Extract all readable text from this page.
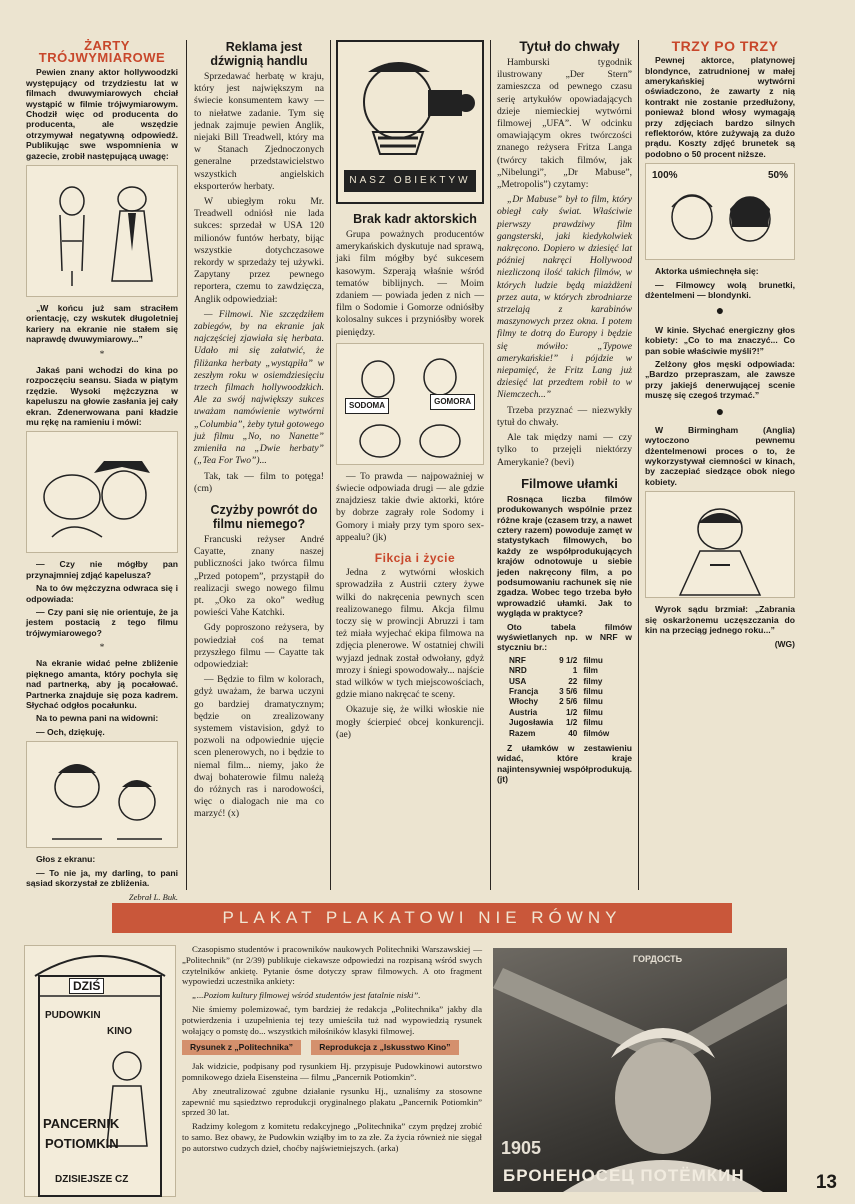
ŻARTY TRÓJWYMIAROWE

Pewien znany aktor hollywoodzki występujący od trzydziestu lat w filmach dwuwymiarowych chciał wystąpić w filmie trójwymiarowym. Chodził więc od producenta do producenta, ale wszędzie otrzymywał negatywną odpowiedź. Publikując swe wspomnienia w gazecie, zrobił następującą uwagę:

„W końcu już sam straciłem orientację, czy wskutek długoletniej kariery na ekranie nie stałem się naprawdę dwuwymiarowy...”

*

Jakaś pani wchodzi do kina po rozpoczęciu seansu. Siada w piątym rzędzie. Wysoki mężczyzna w kapeluszu na głowie zasłania jej cały ekran. Zdenerwowana pani kładzie mu rękę na ramieniu i mówi:

— Czy nie mógłby pan przynajmniej zdjąć kapelusza?

Na to ów mężczyzna odwraca się i odpowiada:

— Czy pani się nie orientuje, że ja jestem postacią z tego filmu trójwymiarowego?

*

Na ekranie widać pełne zbliżenie pięknego amanta, który pochyla się nad partnerką, aby ją pocałować. Partnerka znajduje się poza kadrem. Słychać odgłos pocałunku.

Na to pewna pani na widowni:

— Och, dziękuję.

Głos z ekranu:

— To nie ja, my darling, to pani sąsiad skorzystał ze zbliżenia.

Zebrał L. Buk.

Reklama jest dźwignią handlu

Sprzedawać herbatę w kraju, który jest największym na świecie konsumentem kawy — to niełatwe zadanie. Tym się jednak zajmuje pewien Anglik, niejaki Bill Treadwell, który ma w Stanach Zjednoczonych generalne przedstawicielstwo wszystkich angielskich eksporterów herbaty.

W ubiegłym roku Mr. Treadwell odniósł nie lada sukces: sprzedał w USA 120 milionów funtów herbaty, bijąc wszystkie dotychczasowe rekordy w sprzedaży tej używki. Zapytany przez pewnego reportera, czemu to zawdzięcza, Anglik odpowiedział:

— Filmowi. Nie szczędziłem zabiegów, by na ekranie jak najczęściej zjawiała się herbata. Udało mi się załatwić, że filiżanka herbaty „wystąpiła” w zeszłym roku w osiemdziesięciu trzech filmach hollywoodzkich. Ale za swój największy sukces uważam namówienie wytwórni „Columbia”, żeby tytuł gotowego już filmu „No, no Nanette” zmieniła na „Dwie herbaty” („Tea For Two”)...

Tak, tak — film to potęga! (cm)

Czyżby powrót do filmu niemego?

Francuski reżyser André Cayatte, znany naszej publiczności jako twórca filmu „Przed potopem”, przystąpił do realizacji swego nowego filmu pt. „Oko za oko” według powieści Vahe Katchki.

Gdy poproszono reżysera, by powiedział coś na temat przyszłego filmu — Cayatte tak odpowiedział:

— Będzie to film w kolorach, gdyż uważam, że barwa uczyni go bardziej dramatycznym; będzie on zrealizowany systemem vistavision, gdyż to pozwoli na odpowiednie ujęcie scen plenerowych, no i będzie to niemal film... niemy, jako że dwaj bohaterowie filmu należą do różnych ras i narodowości, więc o dialogach nie ma co marzyć! (x)

NASZ OBIEKTYW

Brak kadr aktorskich

Grupa poważnych producentów amerykańskich dyskutuje nad sprawą, jaki film mógłby być sukcesem kasowym. Szperają właśnie wśród tematów biblijnych. — Moim zdaniem — powiada jeden z nich — film o Sodomie i Gomorze odniósłby kolosalny sukces i przyniósłby worek pieniędzy.

SODOMA	GOMORA

— To prawda — najpoważniej w świecie odpowiada drugi — ale gdzie znajdziesz takie dwie aktorki, które by dobrze zagrały role Sodomy i Gomory i miały przy tym sporo sex-appealu? (jk)

Fikcja i życie

Jedna z wytwórni włoskich sprowadziła z Austrii cztery żywe wilki do nakręcenia pewnych scen realizowanego filmu. Akcja filmu toczy się w prowincji Abruzzi i tam też miała wyjechać ekipa filmowa na zdjęcia plenerowe. W ostatniej chwili wyjazd jednak został odwołany, gdyż mrozy i śniegi spowodowały... najście stad wilków w tych miejscowościach, gdzie miano nakręcać te sceny.

Okazuje się, że wilki włoskie nie mogły ścierpieć obcej konkurencji. (ae)

Tytuł do chwały

Hamburski tygodnik ilustrowany „Der Stern” zamieszcza od pewnego czasu serię artykułów opowiadających dzieje niemieckiej wytwórni filmowej „UFA”. W odcinku omawiającym okres twórczości znanego reżysera Fritza Langa (twórcy takich filmów, jak „Nibelungi”, „Dr Mabuse”, „Metropolis”) czytamy:

„Dr Mabuse” był to film, który obiegł cały świat. Właściwie pierwszy prawdziwy film gangsterski, jaki kiedykolwiek nakręcono. Dopiero w dziesięć lat później nakręci Hollywood niezliczoną ilość takich filmów, w których ludzie będą miażdżeni przez auta, w których zbrodniarze strzelają z karabinów maszynowych przez okna. I potem filmy te dotrą do Europy i będzie się mówiło: „Typowe amerykańskie!” i pójdzie w niepamięć, że Fritz Lang już dziesięć lat przedtem robił to w Niemczech...”

Trzeba przyznać — niezwykły tytuł do chwały.

Ale tak między nami — czy tylko to przejęli niektórzy Amerykanie? (bevi)

Filmowe ułamki

Rosnąca liczba filmów produkowanych wspólnie przez różne kraje (czasem trzy, a nawet cztery razem) powoduje zamęt w statystykach filmowych, bo każdy ze współprodukujących krajów odnotowuje u siebie jeden nakręcony film, a po podsumowaniu rachunek się nie zgadza. Wobec tego trzeba było wprowadzić ułamki. Jak to wygląda w praktyce?

Oto tabela filmów wyświetlanych np. w NRF w styczniu br.:

NRF	9 1/2	filmu
NRD	1	film
USA	22	filmy
Francja	3 5/6	filmu
Włochy	2 5/6	filmu
Austria	1/2	filmu
Jugosławia	1/2	filmu
Razem	40	filmów

Z ułamków w zestawieniu widać, które kraje najintensywniej współprodukują. (jt)

TRZY PO TRZY

Pewnej aktorce, platynowej blondynce, zatrudnionej w małej amerykańskiej wytwórni oświadczono, że zawarty z nią kontrakt nie zostanie przedłużony, ponieważ blond włosy wymagają przy zdjęciach bardzo silnych reflektorów, które zużywają za dużo prądu. Koszty zdjęć brunetek są podobno o 50 procent niższe.

100%	50%

Aktorka uśmiechnęła się:

— Filmowcy wolą brunetki, dżentelmeni — blondynki.

●

W kinie. Słychać energiczny głos kobiety: „Co to ma znaczyć... Co pan sobie właściwie myśli?!”

Zelżony głos męski odpowiada: „Bardzo przepraszam, ale zawsze przy jakiejś denerwującej scenie muszę się czegoś trzymać.”

●

W Birmingham (Anglia) wytoczono pewnemu dżentelmenowi proces o to, że wykorzystywał ciemności w kinach, by zaczepiać siedzące obok niego kobiety.

Wyrok sądu brzmiał: „Zabrania się oskarżonemu uczęszczania do kin na przeciąg jednego roku...”

(WG)

PLAKAT PLAKATOWI NIE RÓWNY
DZIŚ
PUDOWKIN
KINO
PANCERNIK
POTIOMKIN
DZISIEJSZE CZ

Czasopismo studentów i pracowników naukowych Politechniki Warszawskiej — „Politechnik” (nr 2/39) publikuje ciekawsze odpowiedzi na rozpisaną wśród swych czytelników ankietę. Pytanie ósme dotyczy spraw filmowych. A oto fragment wypowiedzi uczestnika ankiety:

„...Poziom kultury filmowej wśród studentów jest fatalnie niski”.

Nie śmiemy polemizować, tym bardziej że redakcja „Politechnika” jakby dla potwierdzenia i uzupełnienia tej tezy umieściła tuż nad wypowiedzią rysunek wołający o pomstę do... wszystkich miłośników klasyki filmowej.

Rysunek z „Politechnika”	Reprodukcja z „Iskusstwo Kino”

Jak widzicie, podpisany pod rysunkiem Hj. przypisuje Pudowkinowi autorstwo pomnikowego dzieła Eisensteina — filmu „Pancernik Potiomkin”.

Aby zneutralizować zgubne działanie rysunku Hj., uznaliśmy za stosowne zapewnić mu sąsiedztwo reprodukcji oryginalnego plakatu „Pancernik Potiomkin” sprzed 30 lat.

Radzimy kolegom z komitetu redakcyjnego „Politechnika” czym prędzej zrobić to samo. Bez obawy, że Pudowkin wziąłby im to za złe. Za życia również nie sięgał po autorstwo cudzych dzieł, choćby najświetniejszych. (arka)

ГОРДОСТЬ
1905
БРОНЕНОСЕЦ ПОТЁМКИН	13
